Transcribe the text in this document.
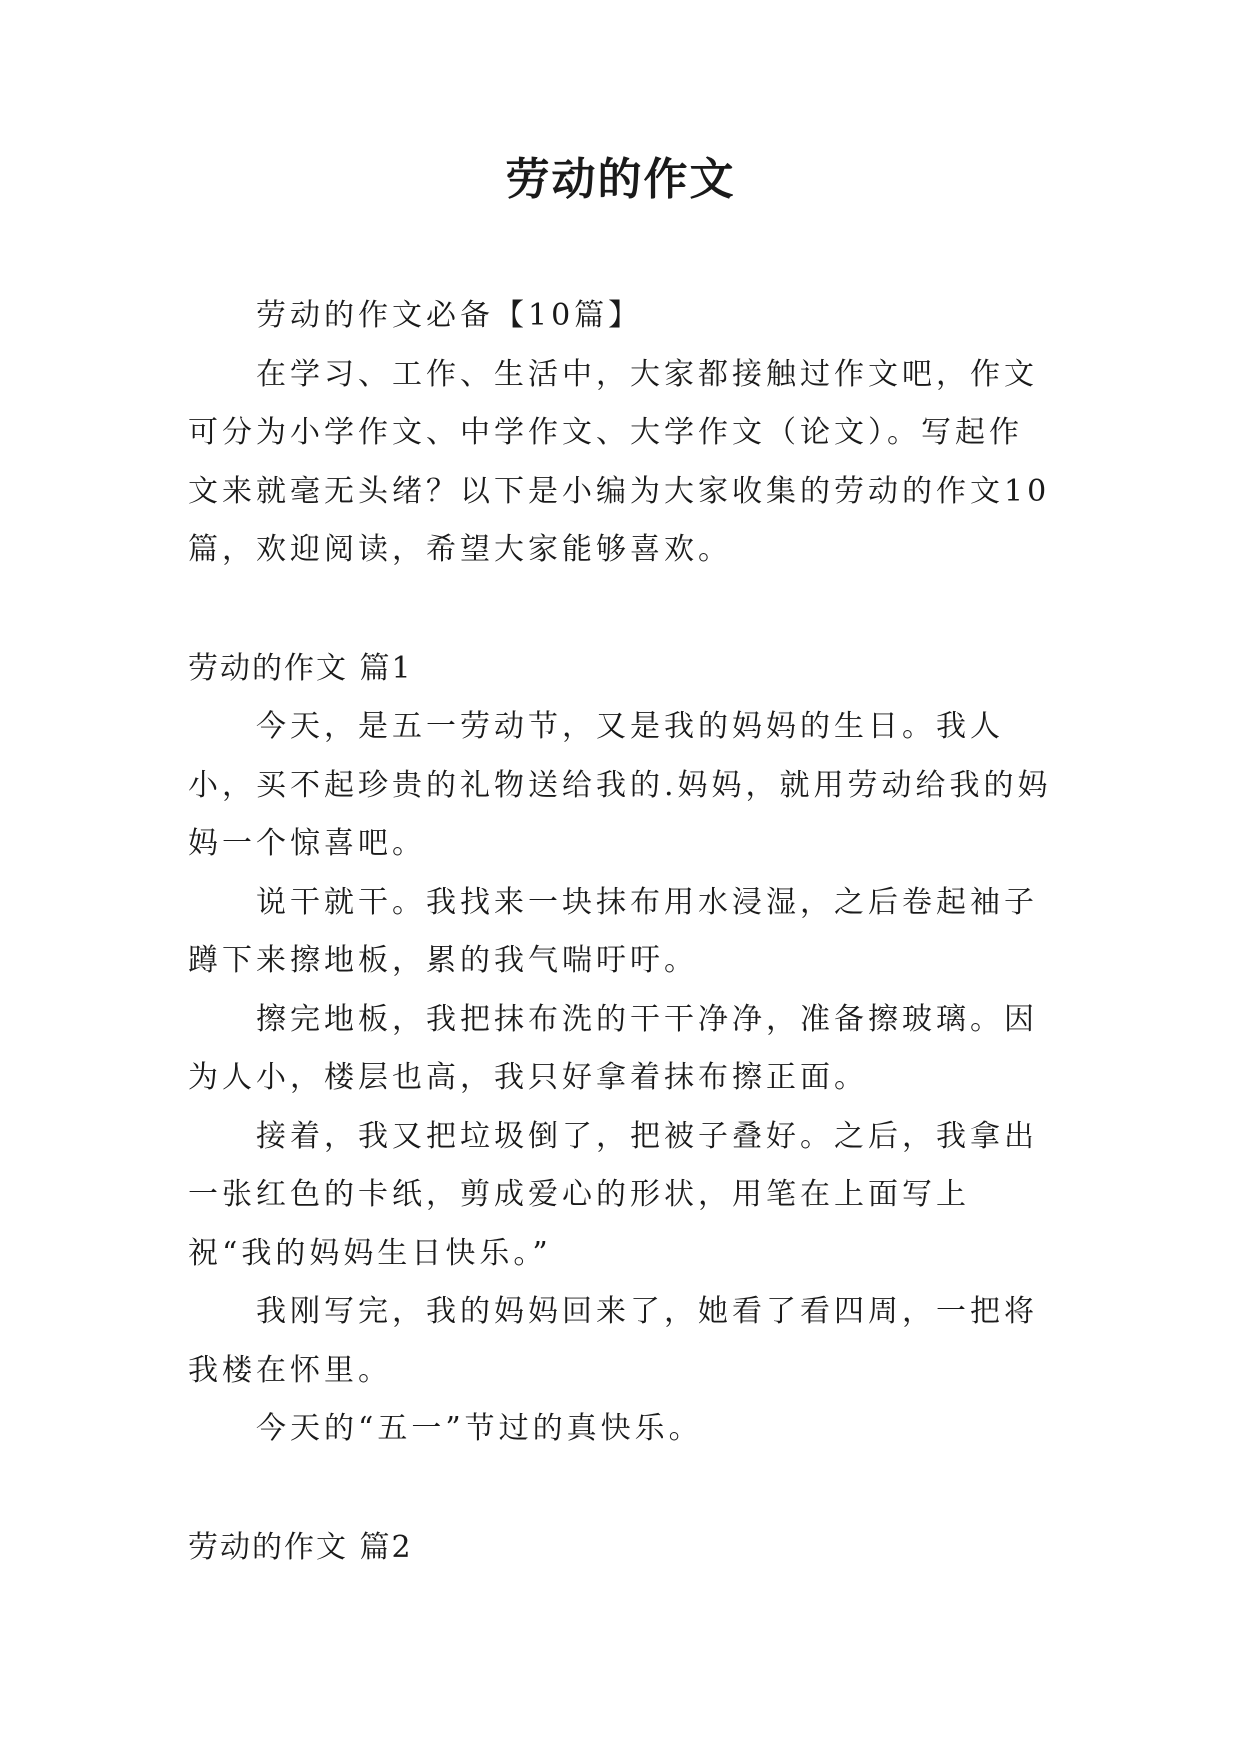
劳动的作文

劳动的作文必备【10篇】

在学习、工作、生活中，大家都接触过作文吧，作文可分为小学作文、中学作文、大学作文（论文）。写起作文来就毫无头绪？以下是小编为大家收集的劳动的作文10篇，欢迎阅读，希望大家能够喜欢。

劳动的作文 篇1

今天，是五一劳动节，又是我的妈妈的生日。我人小，买不起珍贵的礼物送给我的.妈妈，就用劳动给我的妈妈一个惊喜吧。

说干就干。我找来一块抹布用水浸湿，之后卷起袖子蹲下来擦地板，累的我气喘吁吁。

擦完地板，我把抹布洗的干干净净，准备擦玻璃。因为人小，楼层也高，我只好拿着抹布擦正面。

接着，我又把垃圾倒了，把被子叠好。之后，我拿出一张红色的卡纸，剪成爱心的形状，用笔在上面写上祝“我的妈妈生日快乐。”

我刚写完，我的妈妈回来了，她看了看四周，一把将我楼在怀里。

今天的“五一”节过的真快乐。

劳动的作文 篇2
